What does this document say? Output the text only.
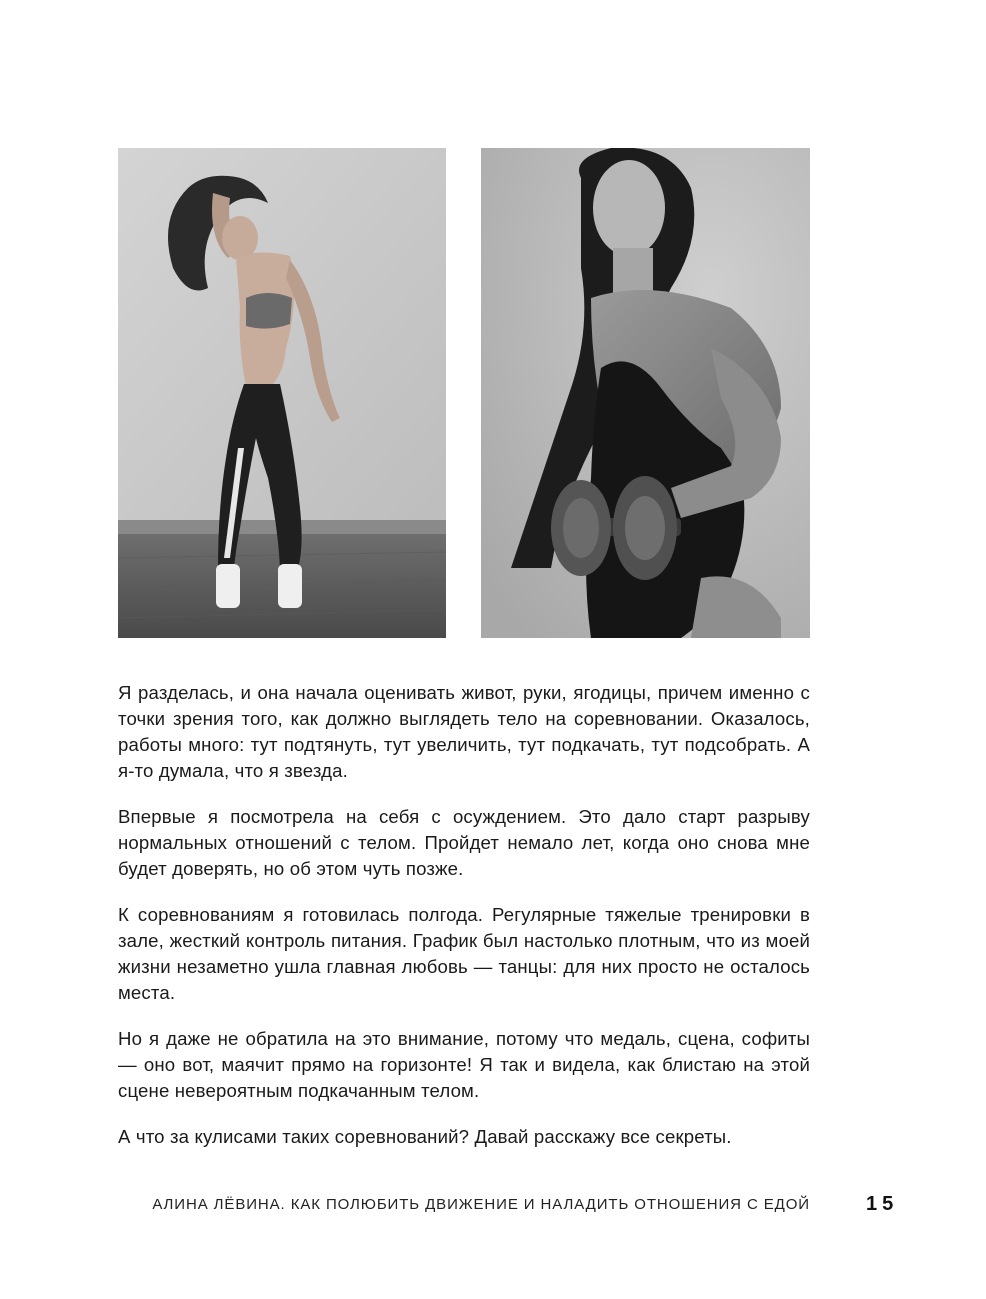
Я разделась, и она начала оценивать живот, руки, ягодицы, причем именно с точки зрения того, как должно выглядеть тело на соревновании. Оказалось, работы много: тут подтянуть, тут увеличить, тут подкачать, тут подсобрать. А я-то думала, что я звезда.

Впервые я посмотрела на себя с осуждением. Это дало старт разрыву нормальных отношений с телом. Пройдет немало лет, когда оно снова мне будет доверять, но об этом чуть позже.

К соревнованиям я готовилась полгода. Регулярные тяжелые тренировки в зале, жесткий контроль питания. График был настолько плотным, что из моей жизни незаметно ушла главная любовь — танцы: для них просто не осталось места.

Но я даже не обратила на это внимание, потому что медаль, сцена, софиты — оно вот, маячит прямо на горизонте! Я так и видела, как блистаю на этой сцене невероятным подкачанным телом.

А что за кулисами таких соревнований? Давай расскажу все секреты.

АЛИНА ЛЁВИНА. КАК ПОЛЮБИТЬ ДВИЖЕНИЕ И НАЛАДИТЬ ОТНОШЕНИЯ С ЕДОЙ	15
